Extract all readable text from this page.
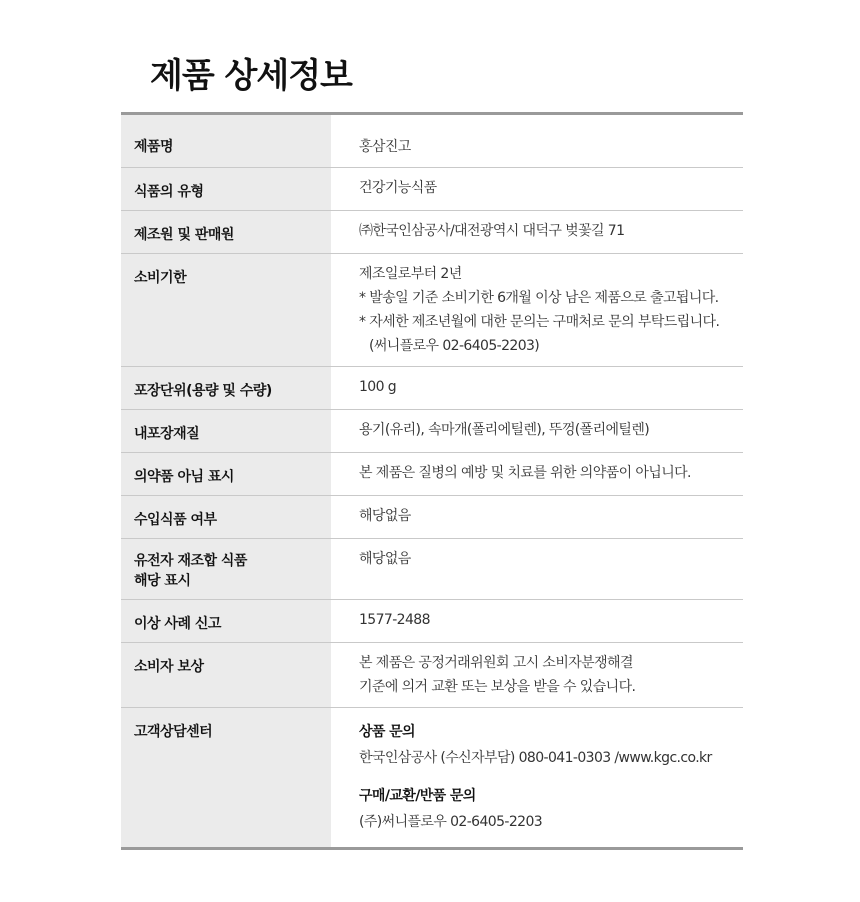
제품 상세정보
제품명	홍삼진고

식품의 유형	건강기능식품

제조원 및 판매원	㈜한국인삼공사/대전광역시 대덕구 벚꽃길 71

소비기한	제조일로부터 2년
* 발송일 기준 소비기한 6개월 이상 남은 제품으로 출고됩니다.
* 자세한 제조년월에 대한 문의는 구매처로 문의 부탁드립니다.
(써니플로우 02-6405-2203)

포장단위(용량 및 수량)	100 g

내포장재질	용기(유리), 속마개(폴리에틸렌), 뚜껑(폴리에틸렌)

의약품 아님 표시	본 제품은 질병의 예방 및 치료를 위한 의약품이 아닙니다.

수입식품 여부	해당없음

유전자 재조합 식품
해당 표시	해당없음

이상 사례 신고	1577-2488

소비자 보상	본 제품은 공정거래위원회 고시 소비자분쟁해결
기준에 의거 교환 또는 보상을 받을 수 있습니다.

고객상담센터	상품 문의
한국인삼공사 (수신자부담) 080-041-0303 /www.kgc.co.kr
구매/교환/반품 문의
(주)써니플로우 02-6405-2203
